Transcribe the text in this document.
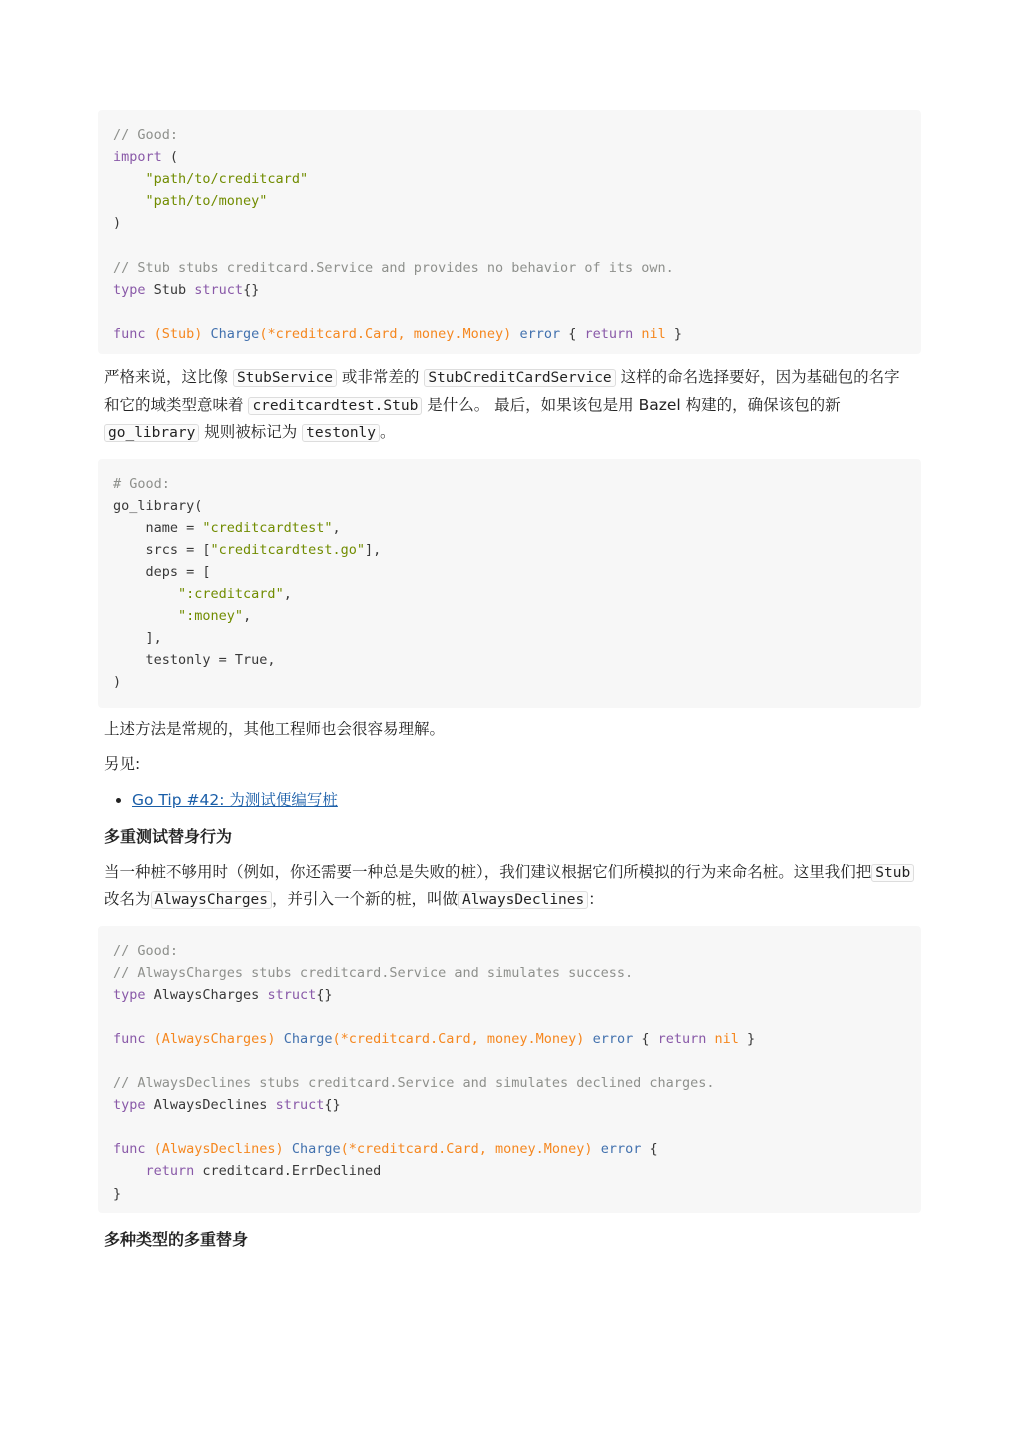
// Good:
import (
"path/to/creditcard"
"path/to/money"
)

// Stub stubs creditcard.Service and provides no behavior of its own.
type Stub struct{}

func (Stub) Charge(*creditcard.Card, money.Money) error { return nil }

严格来说，这比像 StubService 或非常差的 StubCreditCardService 这样的命名选择要好，因为基础包的名字和它的域类型意味着 creditcardtest.Stub 是什么。 最后，如果该包是用 Bazel 构建的，确保该包的新 go_library 规则被标记为 testonly 。

# Good:
go_library(
name = "creditcardtest",
srcs = ["creditcardtest.go"],
deps = [
":creditcard",
":money",
],
testonly = True,
)

上述方法是常规的，其他工程师也会很容易理解。

另见:

• Go Tip #42: 为测试便编写桩
多重测试替身行为

当一种桩不够用时（例如，你还需要一种总是失败的桩），我们建议根据它们所模拟的行为来命名桩。这里我们把 Stub改名为 AlwaysCharges ，并引入一个新的桩，叫做 AlwaysDeclines ：

// Good:
// AlwaysCharges stubs creditcard.Service and simulates success.
type AlwaysCharges struct{}

func (AlwaysCharges) Charge(*creditcard.Card, money.Money) error { return nil }

// AlwaysDeclines stubs creditcard.Service and simulates declined charges.
type AlwaysDeclines struct{}

func (AlwaysDeclines) Charge(*creditcard.Card, money.Money) error {
return creditcard.ErrDeclined
}
多种类型的多重替身
